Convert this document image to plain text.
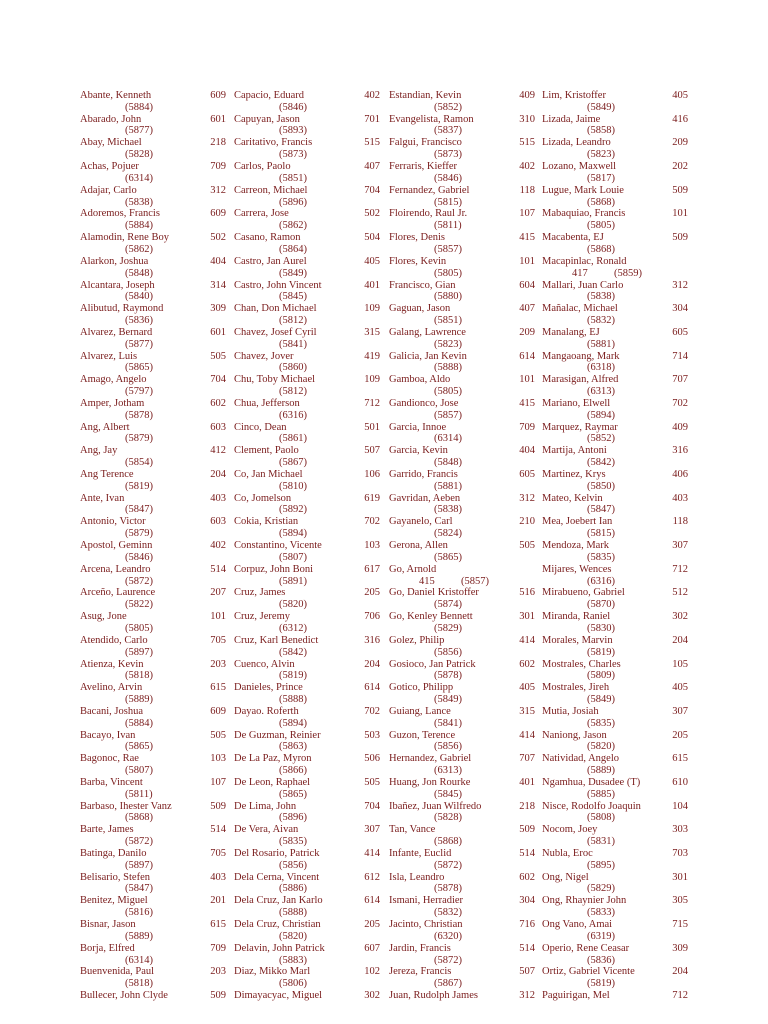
Abante, Kenneth	609
(5884)
Abarado, John	601
(5877)
Abay, Michael	218
(5828)
Achas, Pojuer	709
(6314)
Adajar, Carlo	312
(5838)
Adoremos, Francis	609
(5884)
Alamodin, Rene Boy	502
(5862)
Alarkon, Joshua	404
(5848)
Alcantara, Joseph	314
(5840)
Alibutud, Raymond	309
(5836)
Alvarez, Bernard	601
(5877)
Alvarez, Luis	505
(5865)
Amago, Angelo	704
(5797)
Amper, Jotham	602
(5878)
Ang, Albert	603
(5879)
Ang, Jay	412
(5854)
Ang Terence	204
(5819)
Ante, Ivan	403
(5847)
Antonio, Victor	603
(5879)
Apostol, Geminn	402
(5846)
Arcena, Leandro	514
(5872)
Arceño, Laurence	207
(5822)
Asug, Jone	101
(5805)
Atendido, Carlo	705
(5897)
Atienza, Kevin	203
(5818)
Avelino, Arvin	615
(5889)
Bacani, Joshua	609
(5884)
Bacayo, Ivan	505
(5865)
Bagonoc, Rae	103
(5807)
Barba, Vincent	107
(5811)
Barbaso, Ihester Vanz	509
(5868)
Barte, James	514
(5872)
Batinga, Danilo	705
(5897)
Belisario, Stefen	403
(5847)
Benitez, Miguel	201
(5816)
Bisnar, Jason	615
(5889)
Borja, Elfred	709
(6314)
Buenvenida, Paul	203
(5818)
Bullecer, John Clyde	509
Capacio, Eduard	402
(5846)
Capuyan, Jason	701
(5893)
Caritativo, Francis	515
(5873)
Carlos, Paolo	407
(5851)
Carreon, Michael	704
(5896)
Carrera, Jose	502
(5862)
Casano, Ramon	504
(5864)
Castro, Jan Aurel	405
(5849)
Castro, John Vincent	401
(5845)
Chan, Don Michael	109
(5812)
Chavez, Josef Cyril	315
(5841)
Chavez, Jover	419
(5860)
Chu, Toby Michael	109
(5812)
Chua, Jefferson	712
(6316)
Cinco, Dean	501
(5861)
Clement, Paolo	507
(5867)
Co, Jan Michael	106
(5810)
Co, Jomelson	619
(5892)
Cokia, Kristian	702
(5894)
Constantino, Vicente	103
(5807)
Corpuz, John Boni	617
(5891)
Cruz, James	205
(5820)
Cruz, Jeremy	706
(6312)
Cruz, Karl Benedict	316
(5842)
Cuenco, Alvin	204
(5819)
Danieles, Prince	614
(5888)
Dayao. Roferth	702
(5894)
De Guzman, Reinier	503
(5863)
De La Paz, Myron	506
(5866)
De Leon, Raphael	505
(5865)
De Lima, John	704
(5896)
De Vera, Aivan	307
(5835)
Del Rosario, Patrick	414
(5856)
Dela Cerna, Vincent	612
(5886)
Dela Cruz, Jan Karlo	614
(5888)
Dela Cruz, Christian	205
(5820)
Delavin, John Patrick	607
(5883)
Diaz, Mikko Marl	102
(5806)
Dimayacyac, Miguel	302
Estandian, Kevin	409
(5852)
Evangelista, Ramon	310
(5837)
Falgui, Francisco	515
(5873)
Ferraris, Kieffer	402
(5846)
Fernandez, Gabriel	118
(5815)
Floirendo, Raul Jr.	107
(5811)
Flores, Denis	415
(5857)
Flores, Kevin	101
(5805)
Francisco, Gian	604
(5880)
Gaguan, Jason	407
(5851)
Galang, Lawrence	209
(5823)
Galicia, Jan Kevin	614
(5888)
Gamboa, Aldo	101
(5805)
Gandionco, Jose	415
(5857)
Garcia, Innoe	709
(6314)
Garcia, Kevin	404
(5848)
Garrido, Francis	605
(5881)
Gavridan, Aeben	312
(5838)
Gayanelo, Carl	210
(5824)
Gerona, Allen	505
(5865)
Go, Arnold
415          (5857)
Go, Daniel Kristoffer	516
(5874)
Go, Kenley Bennett	301
(5829)
Golez, Philip	414
(5856)
Gosioco, Jan Patrick	602
(5878)
Gotico, Philipp	405
(5849)
Guiang, Lance	315
(5841)
Guzon, Terence	414
(5856)
Hernandez, Gabriel	707
(6313)
Huang, Jon Rourke	401
(5845)
Ibañez, Juan Wilfredo	218
(5828)
Tan, Vance	509
(5868)
Infante, Euclid	514
(5872)
Isla, Leandro	602
(5878)
Ismani, Herradier	304
(5832)
Jacinto, Christian	716
(6320)
Jardin, Francis	514
(5872)
Jereza, Francis	507
(5867)
Juan, Rudolph James	312
Lim, Kristoffer	405
(5849)
Lizada, Jaime	416
(5858)
Lizada, Leandro	209
(5823)
Lozano, Maxwell	202
(5817)
Lugue, Mark Louie	509
(5868)
Mabaquiao, Francis	101
(5805)
Macabenta, EJ	509
(5868)
Macapinlac, Ronald
417          (5859)
Mallari, Juan Carlo	312
(5838)
Mañalac, Michael	304
(5832)
Manalang, EJ	605
(5881)
Mangaoang, Mark	714
(6318)
Marasigan, Alfred	707
(6313)
Mariano, Elwell	702
(5894)
Marquez, Raymar	409
(5852)
Martija, Antoni	316
(5842)
Martinez, Krys	406
(5850)
Mateo, Kelvin	403
(5847)
Mea, Joebert Ian	118
(5815)
Mendoza, Mark	307
(5835)
Mijares, Wences	712
(6316)
Mirabueno, Gabriel	512
(5870)
Miranda, Raniel	302
(5830)
Morales, Marvin	204
(5819)
Mostrales, Charles	105
(5809)
Mostrales, Jireh	405
(5849)
Mutia, Josiah	307
(5835)
Naniong, Jason	205
(5820)
Natividad, Angelo	615
(5889)
Ngamhua, Dusadee (T)	610
(5885)
Nisce, Rodolfo Joaquin	104
(5808)
Nocom, Joey	303
(5831)
Nubla, Eroc	703
(5895)
Ong, Nigel	301
(5829)
Ong, Rhaynier John	305
(5833)
Ong Vano, Amai	715
(6319)
Operio, Rene Ceasar	309
(5836)
Ortiz, Gabriel Vicente	204
(5819)
Paguirigan, Mel	712
